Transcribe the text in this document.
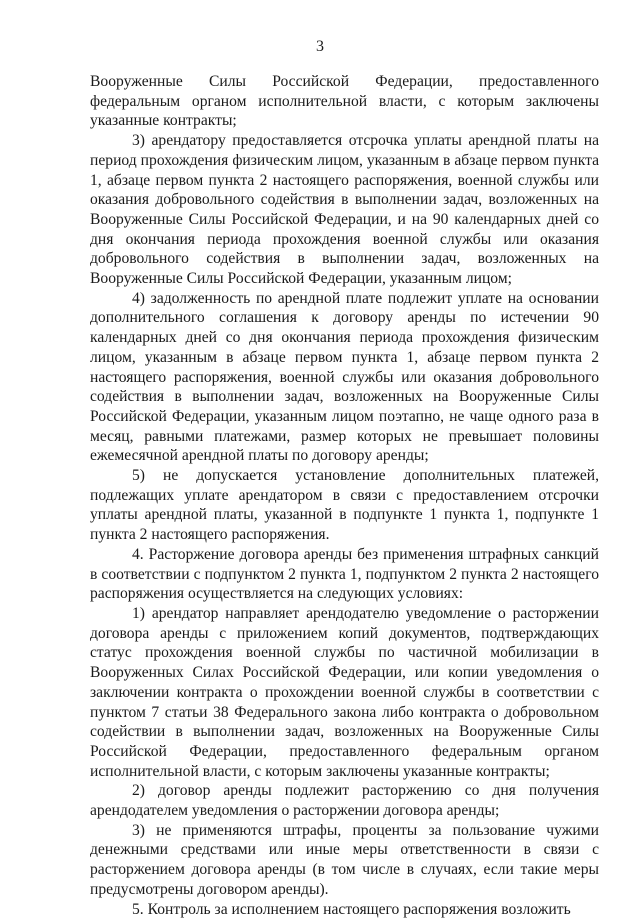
3

Вооруженные Силы Российской Федерации, предоставленного федеральным органом исполнительной власти, с которым заключены указанные контракты;

3) арендатору предоставляется отсрочка уплаты арендной платы на период прохождения физическим лицом, указанным в абзаце первом пункта 1, абзаце первом пункта 2 настоящего распоряжения, военной службы или оказания добровольного содействия в выполнении задач, возложенных на Вооруженные Силы Российской Федерации, и на 90 календарных дней со дня окончания периода прохождения военной службы или оказания добровольного содействия в выполнении задач, возложенных на Вооруженные Силы Российской Федерации, указанным лицом;

4) задолженность по арендной плате подлежит уплате на основании дополнительного соглашения к договору аренды по истечении 90 календарных дней со дня окончания периода прохождения физическим лицом, указанным в абзаце первом пункта 1, абзаце первом пункта 2 настоящего распоряжения, военной службы или оказания добровольного содействия в выполнении задач, возложенных на Вооруженные Силы Российской Федерации, указанным лицом поэтапно, не чаще одного раза в месяц, равными платежами, размер которых не превышает половины ежемесячной арендной платы по договору аренды;

5) не допускается установление дополнительных платежей, подлежащих уплате арендатором в связи с предоставлением отсрочки уплаты арендной платы, указанной в подпункте 1 пункта 1, подпункте 1 пункта 2 настоящего распоряжения.

4. Расторжение договора аренды без применения штрафных санкций в соответствии с подпунктом 2 пункта 1, подпунктом 2 пункта 2 настоящего распоряжения осуществляется на следующих условиях:

1) арендатор направляет арендодателю уведомление о расторжении договора аренды с приложением копий документов, подтверждающих статус прохождения военной службы по частичной мобилизации в Вооруженных Силах Российской Федерации, или копии уведомления о заключении контракта о прохождении военной службы в соответствии с пунктом 7 статьи 38 Федерального закона либо контракта о добровольном содействии в выполнении задач, возложенных на Вооруженные Силы Российской Федерации, предоставленного федеральным органом исполнительной власти, с которым заключены указанные контракты;

2) договор аренды подлежит расторжению со дня получения арендодателем уведомления о расторжении договора аренды;

3) не применяются штрафы, проценты за пользование чужими денежными средствами или иные меры ответственности в связи с расторжением договора аренды (в том числе в случаях, если такие меры предусмотрены договором аренды).

5. Контроль за исполнением настоящего распоряжения возложить
